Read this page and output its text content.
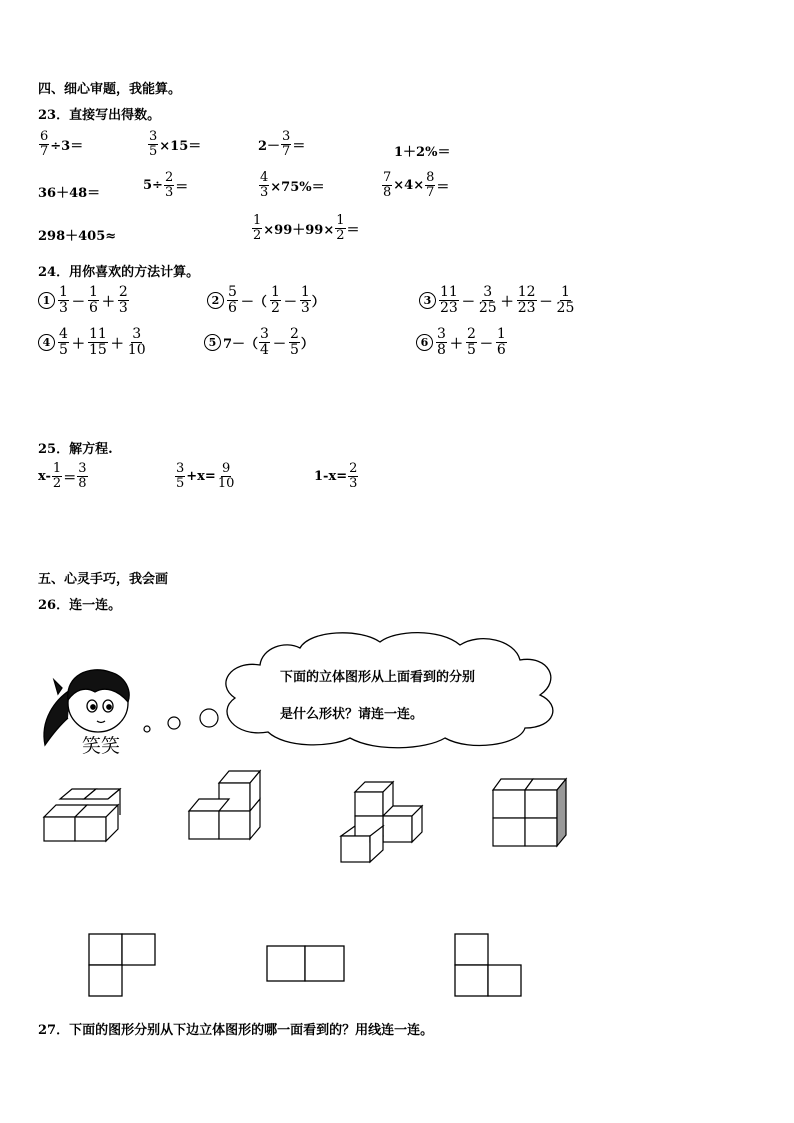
四、细心审题，我能算。
23．直接写出得数。
$\frac{6}{7} \div 3=$	$\frac{3}{5} \times 15=$	$2- \frac{3}{7}$ ＝	1＋2%＝
36＋48＝
$5\div \frac{2}{3}$ ＝	$\frac{4}{3} \times 75\%=$	$\frac{7}{8} \times 4\times \frac{8}{7}$ ＝
298＋405≈	$\frac{1}{2} \times 99+99\times \frac{1}{2}$ ＝
24．用你喜欢的方法计算。
$1 \frac{1}{3} - \frac{1}{6} + \frac{2}{3}$	$2 \frac{5}{6}$ －（ $\frac{1}{2} - \frac{1}{3}$ ）	$3 \frac{11}{23} - \frac{3}{25} + \frac{12}{23} - \frac{1}{25}$
$4 \frac{4}{5} + \frac{11}{15} + \frac{3}{10}$	5 $7-( \frac{3}{4} - \frac{2}{5}$ ）	$6 \frac{3}{8} + \frac{2}{5} - \frac{1}{6}$
25．解方程.
$x- \frac{1}{2} = \frac{3}{8}$	$\frac{3}{5} +x= \frac{9}{10}$	$1-x= \frac{2}{3}$
五、心灵手巧，我会画
26．连一连。
笑笑
下面的立体图形从上面看到的分别
是什么形状？请连一连。
27．下面的图形分别从下边立体图形的哪一面看到的？用线连一连。
